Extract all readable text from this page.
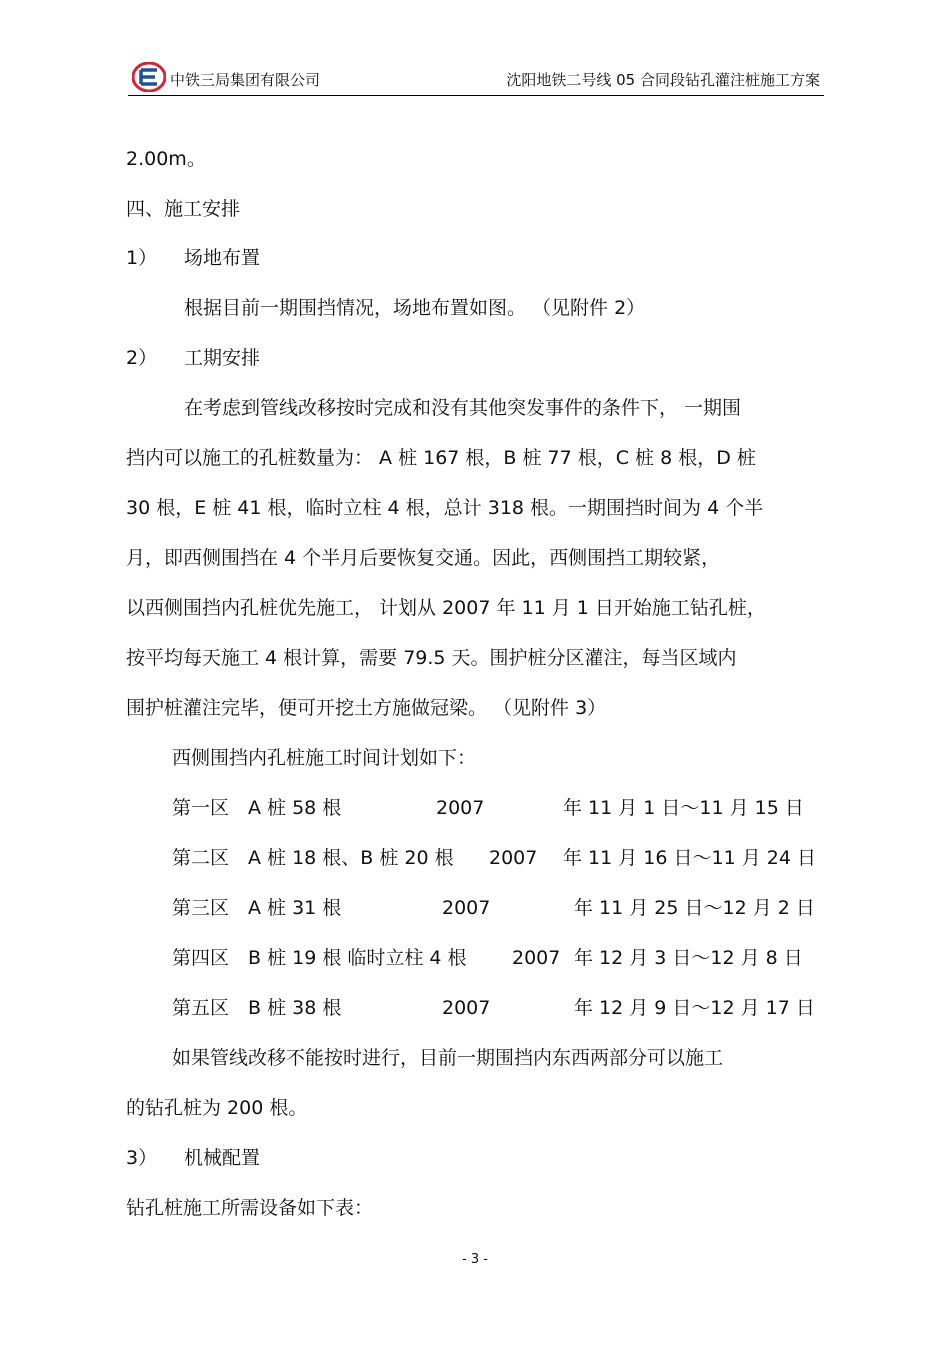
中铁三局集团有限公司	沈阳地铁二号线 05 合同段钻孔灌注桩施工方案
2.00m。
四、施工安排
1） 场地布置
根据目前一期围挡情况，场地布置如图。 （见附件 2）
2） 工期安排
在考虑到管线改移按时完成和没有其他突发事件的条件下， 一期围
挡内可以施工的孔桩数量为： A 桩 167 根，B 桩 77 根，C 桩 8 根，D 桩
30 根，E 桩 41 根，临时立柱 4 根，总计 318 根。一期围挡时间为 4 个半
月，即西侧围挡在 4 个半月后要恢复交通。因此，西侧围挡工期较紧，
以西侧围挡内孔桩优先施工， 计划从 2007 年 11 月 1 日开始施工钻孔桩，
按平均每天施工 4 根计算，需要 79.5 天。围护桩分区灌注，每当区域内
围护桩灌注完毕，便可开挖土方施做冠梁。 （见附件 3）
西侧围挡内孔桩施工时间计划如下：
第一区 A 桩 58 根	2007	年 11 月 1 日～11 月 15 日
第二区 A 桩 18 根、B 桩 20 根 2007 年 11 月 16 日～11 月 24 日
第三区 A 桩 31 根	2007	年 11 月 25 日～12 月 2 日
第四区 B 桩 19 根 临时立柱 4 根 2007 年 12 月 3 日～12 月 8 日
第五区 B 桩 38 根	2007	年 12 月 9 日～12 月 17 日
如果管线改移不能按时进行，目前一期围挡内东西两部分可以施工
的钻孔桩为 200 根。
3） 机械配置
钻孔桩施工所需设备如下表：
- 3 -
